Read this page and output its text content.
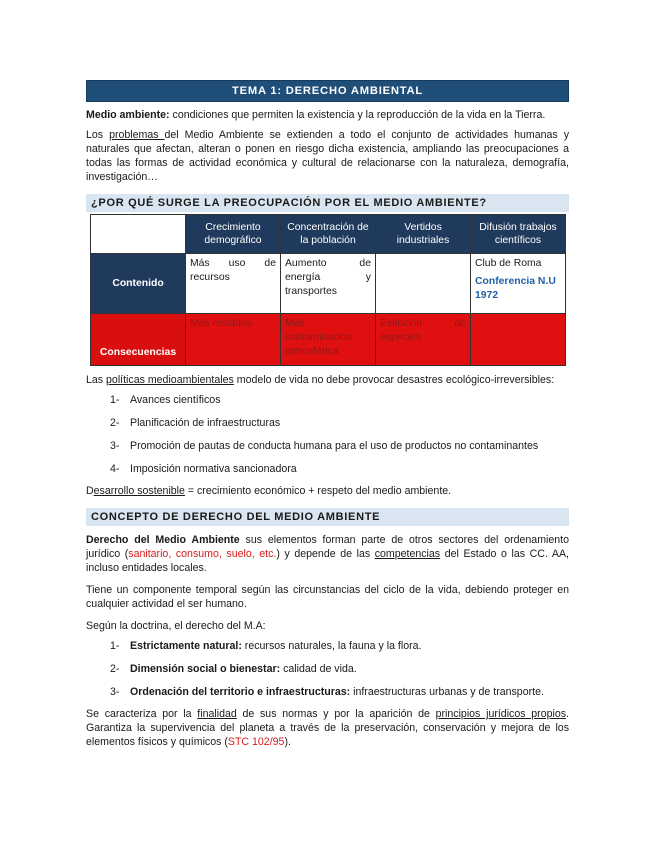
TEMA 1: DERECHO AMBIENTAL

Medio ambiente: condiciones que permiten la existencia y la reproducción de la vida en la Tierra.

Los problemas del Medio Ambiente se extienden a todo el conjunto de actividades humanas y naturales que afectan, alteran o ponen en riesgo dicha existencia, ampliando las preocupaciones a todas las formas de actividad económica y cultural de relacionarse con la naturaleza, demografía, investigación…

¿POR QUÉ SURGE LA PREOCUPACIÓN POR EL MEDIO AMBIENTE?
	Crecimiento demográfico	Concentración de la población	Vertidos industriales	Difusión trabajos científicos
Contenido	Más uso de recursos	Aumento de energía y transportes		Club de Roma
Conferencia N.U 1972

Consecuencias	Más residuos	Más contaminación atmosférica	Extinción de especies	

Las políticas medioambientales modelo de vida no debe provocar desastres ecológico-irreversibles:

1- Avances científicos
2- Planificación de infraestructuras
3- Promoción de pautas de conducta humana para el uso de productos no contaminantes
4- Imposición normativa sancionadora

Desarrollo sostenible = crecimiento económico + respeto del medio ambiente.

CONCEPTO DE DERECHO DEL MEDIO AMBIENTE

Derecho del Medio Ambiente sus elementos forman parte de otros sectores del ordenamiento jurídico (sanitario, consumo, suelo, etc.) y depende de las competencias del Estado o las CC. AA, incluso entidades locales.

Tiene un componente temporal según las circunstancias del ciclo de la vida, debiendo proteger en cualquier actividad el ser humano.

Según la doctrina, el derecho del M.A:

1- Estrictamente natural: recursos naturales, la fauna y la flora.
2- Dimensión social o bienestar: calidad de vida.
3- Ordenación del territorio e infraestructuras: infraestructuras urbanas y de transporte.

Se caracteriza por la finalidad de sus normas y por la aparición de principios jurídicos propios. Garantiza la supervivencia del planeta a través de la preservación, conservación y mejora de los elementos físicos y químicos (STC 102/95).
